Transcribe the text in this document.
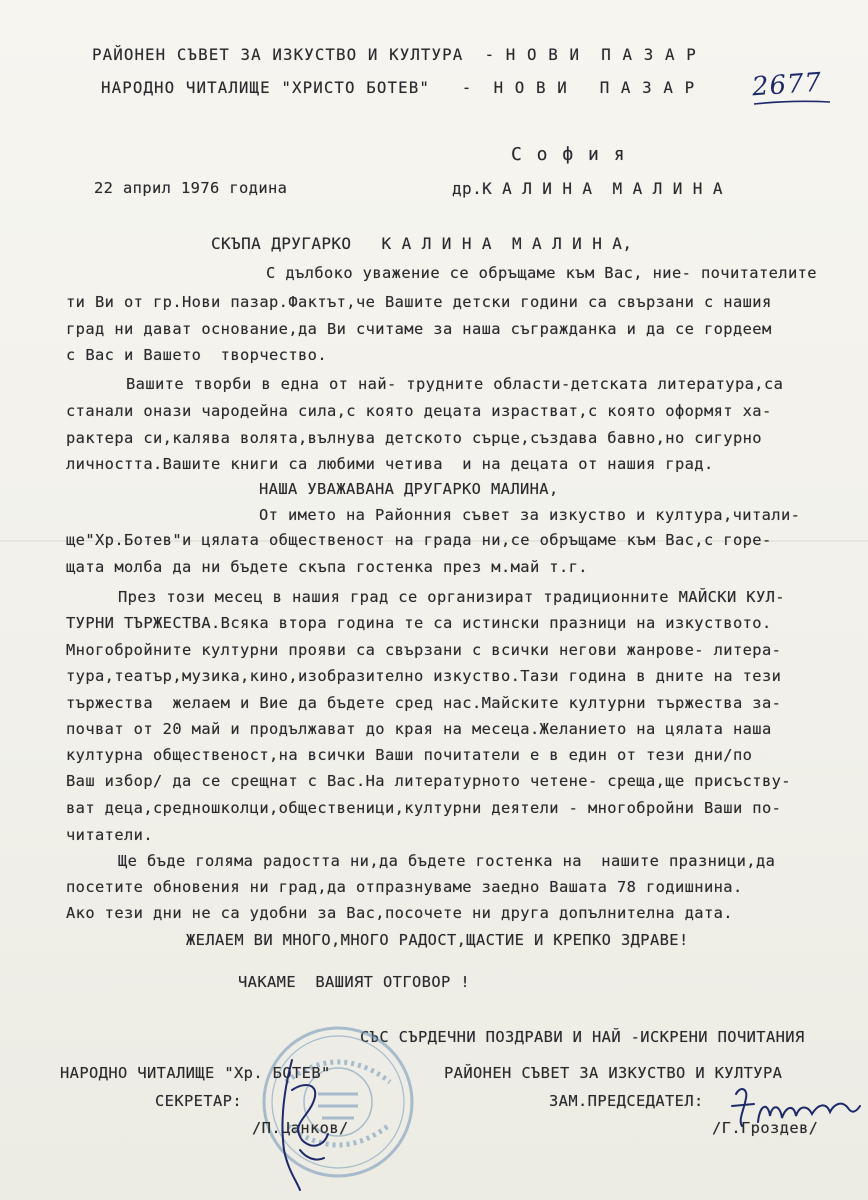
РАЙОНЕН СЪВЕТ ЗА ИЗКУСТВО И КУЛТУРА  - Н О В И  П А З А Р
НАРОДНО ЧИТАЛИЩЕ "ХРИСТО БОТЕВ"   -  Н О В И   П А З А Р 2677
С о ф и я
22 април 1976 година	др.К А Л И Н А  М А Л И Н А
СКЪПА ДРУГАРКО   К А Л И Н А  М А Л И Н А,
С дълбоко уважение се обръщаме към Вас, ние- почитателите
ти Ви от гр.Нови пазар.Фактът,че Вашите детски години са свързани с нашия
град ни дават основание,да Ви считаме за наша съгражданка и да се гордеем
с Вас и Вашето  творчество.
Вашите творби в една от най- трудните области-детската литература,са
станали онази чародейна сила,с която децата израстват,с която оформят ха-
рактера си,калява волята,вълнува детското сърце,създава бавно,но сигурно
личността.Вашите книги са любими четива  и на децата от нашия град.
НАША УВАЖАВАНА ДРУГАРКО МАЛИНА,
От името на Районния съвет за изкуство и култура,читали-
ще"Хр.Ботев"и цялата общественост на града ни,се обръщаме към Вас,с горе-
щата молба да ни бъдете скъпа гостенка през м.май т.г.
През този месец в нашия град се организират традиционните МАЙСКИ КУЛ-
ТУРНИ ТЪРЖЕСТВА.Всяка втора година те са истински празници на изкуството.
Многобройните културни прояви са свързани с всички негови жанрове- литера-
тура,театър,музика,кино,изобразително изкуство.Тази година в дните на тези
тържества  желаем и Вие да бъдете сред нас.Майските културни тържества за-
почват от 20 май и продължават до края на месеца.Желанието на цялата наша
културна общественост,на всички Ваши почитатели е в един от тези дни/по
Ваш избор/ да се срещнат с Вас.На литературното четене- среща,ще присъству-
ват деца,средношколци,общественици,културни деятели - многобройни Ваши по-
читатели.
Ще бъде голяма радостта ни,да бъдете гостенка на  нашите празници,да
посетите обновения ни град,да отпразнуваме заедно Вашата 78 годишнина.
Ако тези дни не са удобни за Вас,посочете ни друга допълнителна дата.
ЖЕЛАЕМ ВИ МНОГО,МНОГО РАДОСТ,ЩАСТИЕ И КРЕПКО ЗДРАВЕ!
ЧАКАМЕ  ВАШИЯТ ОТГОВОР !
СЪС СЪРДЕЧНИ ПОЗДРАВИ И НАЙ -ИСКРЕНИ ПОЧИТАНИЯ
НАРОДНО ЧИТАЛИЩЕ "Хр. БОТЕВ"
СЕКРЕТАР:
/П.Цанков/
РАЙОНЕН СЪВЕТ ЗА ИЗКУСТВО И КУЛТУРА
ЗАМ.ПРЕДСЕДАТЕЛ:
/Г.Гроздев/
